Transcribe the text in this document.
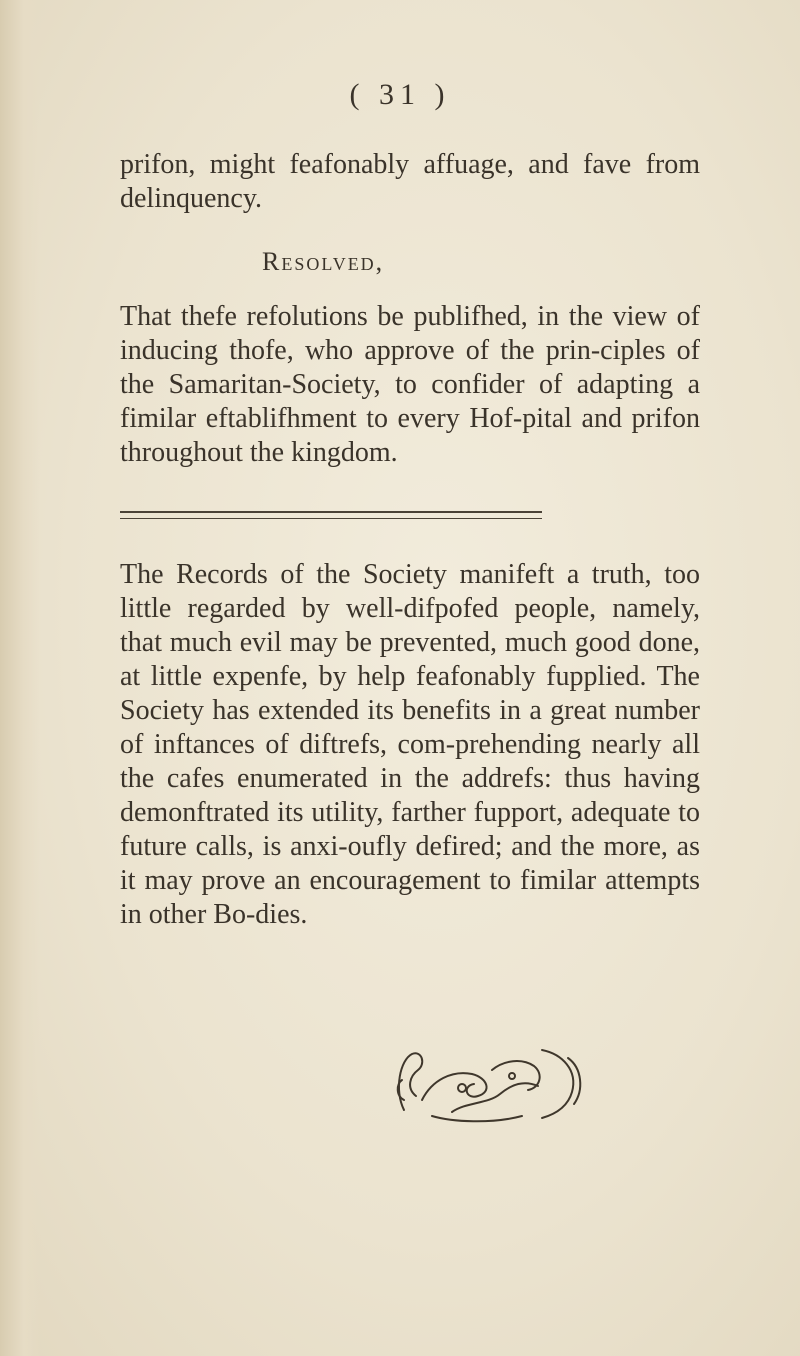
( 31 )

prifon, might feafonably affuage, and fave from delinquency.

Resolved,

That thefe refolutions be publifhed, in the view of inducing thofe, who approve of the prin-ciples of the Samaritan-Society, to confider of adapting a fimilar eftablifhment to every Hof-pital and prifon throughout the kingdom.

The Records of the Society manifeft a truth, too little regarded by well-difpofed people, namely, that much evil may be prevented, much good done, at little expenfe, by help feafonably fupplied. The Society has extended its benefits in a great number of inftances of diftrefs, com-prehending nearly all the cafes enumerated in the addrefs: thus having demonftrated its utility, farther fupport, adequate to future calls, is anxi-oufly defired; and the more, as it may prove an encouragement to fimilar attempts in other Bo-dies.
